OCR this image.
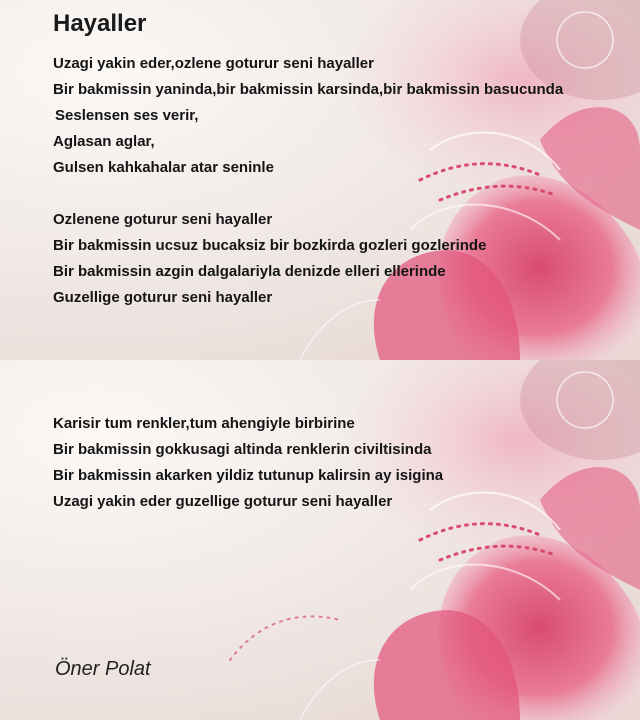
Hayaller
Uzagi yakin eder,ozlene goturur seni hayaller
Bir bakmissin yaninda,bir bakmissin karsinda,bir bakmissin basucunda
Seslensen ses verir,
Aglasan aglar,
Gulsen kahkahalar atar seninle
Ozlenene goturur seni hayaller
Bir bakmissin ucsuz bucaksiz bir bozkirda gozleri gozlerinde
Bir bakmissin azgin dalgalariyla denizde elleri ellerinde
Guzellige goturur seni hayaller
Karisir tum renkler,tum ahengiyle birbirine
Bir bakmissin gokkusagi altinda renklerin civiltisinda
Bir bakmissin akarken yildiz tutunup kalirsin ay isigina
Uzagi yakin eder guzellige goturur seni hayaller

Öner Polat
